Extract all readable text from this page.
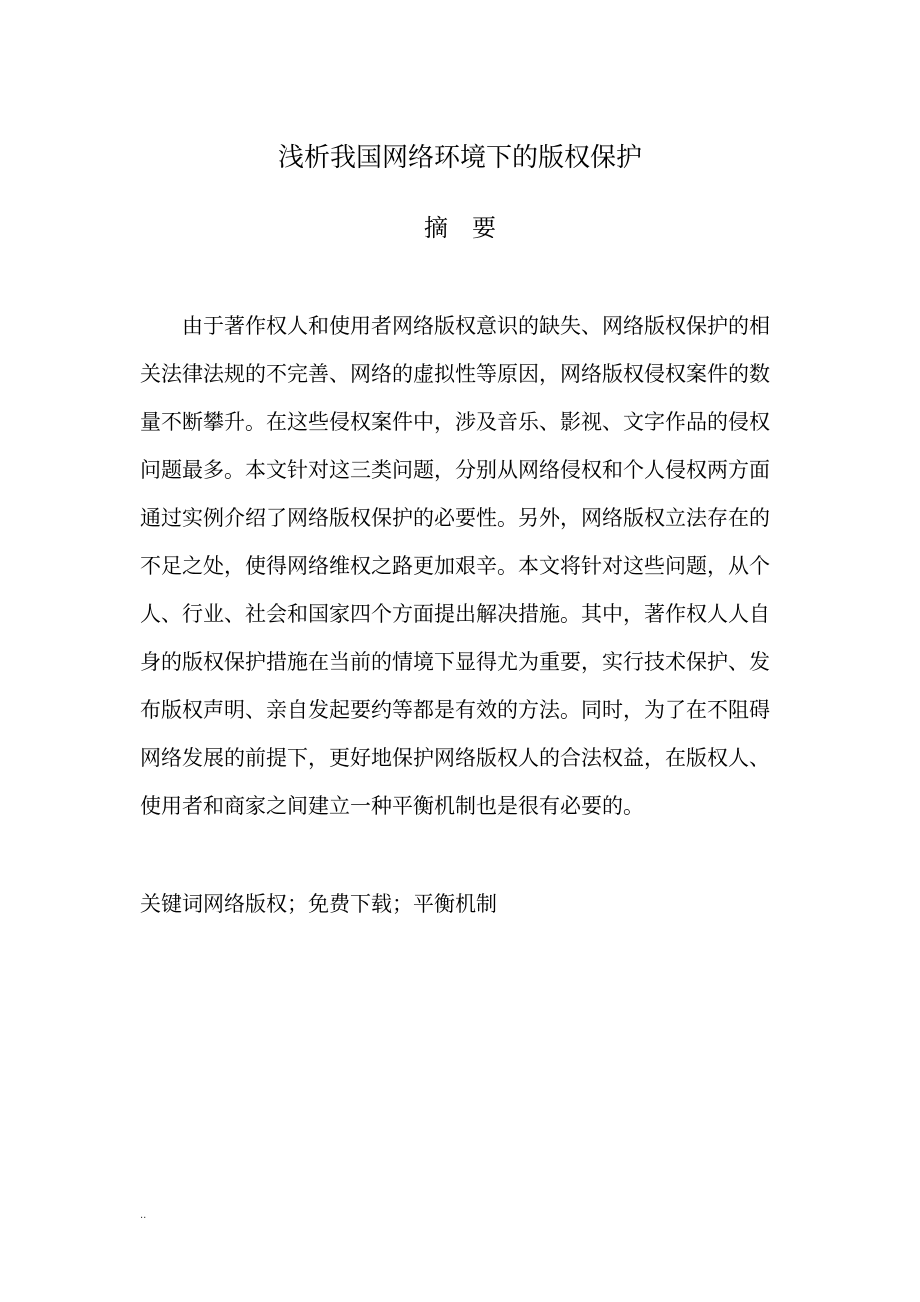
浅析我国网络环境下的版权保护
摘　要
由于著作权人和使用者网络版权意识的缺失、网络版权保护的相
关法律法规的不完善、网络的虚拟性等原因，网络版权侵权案件的数
量不断攀升。在这些侵权案件中，涉及音乐、影视、文字作品的侵权
问题最多。本文针对这三类问题，分别从网络侵权和个人侵权两方面
通过实例介绍了网络版权保护的必要性。另外，网络版权立法存在的
不足之处，使得网络维权之路更加艰辛。本文将针对这些问题，从个
人、行业、社会和国家四个方面提出解决措施。其中，著作权人人自
身的版权保护措施在当前的情境下显得尤为重要，实行技术保护、发
布版权声明、亲自发起要约等都是有效的方法。同时，为了在不阻碍
网络发展的前提下，更好地保护网络版权人的合法权益，在版权人、
使用者和商家之间建立一种平衡机制也是很有必要的。
关键词网络版权；免费下载；平衡机制
..
